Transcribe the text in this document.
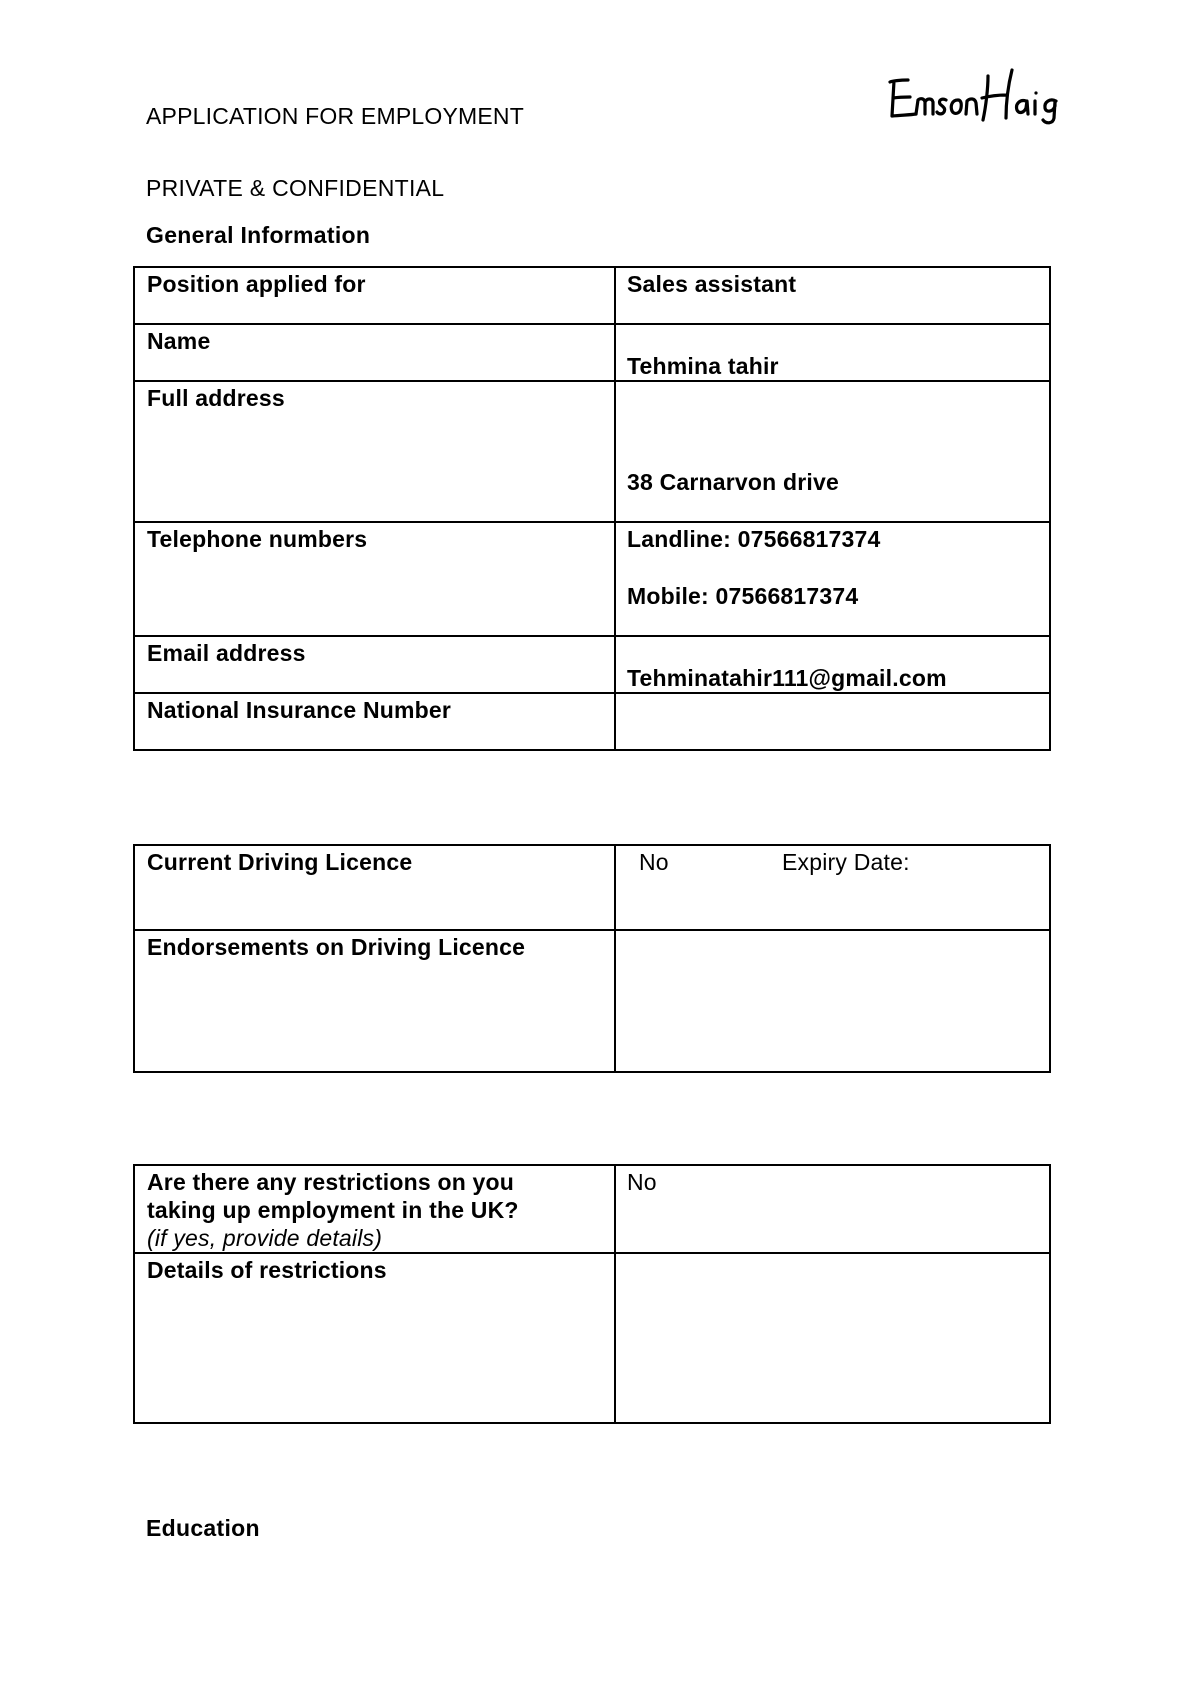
APPLICATION FOR EMPLOYMENT
PRIVATE & CONFIDENTIAL
General Information
Position applied for	Sales assistant
Name	Tehmina tahir

Full address	38 Carnarvon drive

Telephone numbers	Landline: 07566817374
Mobile: 07566817374

Email address	Tehminatahir111@gmail.com

National Insurance Number	
Current Driving Licence	No Expiry Date:
Endorsements on Driving Licence	
Are there any restrictions on you
taking up employment in the UK?
(if yes, provide details)	No
Details of restrictions	
Education
